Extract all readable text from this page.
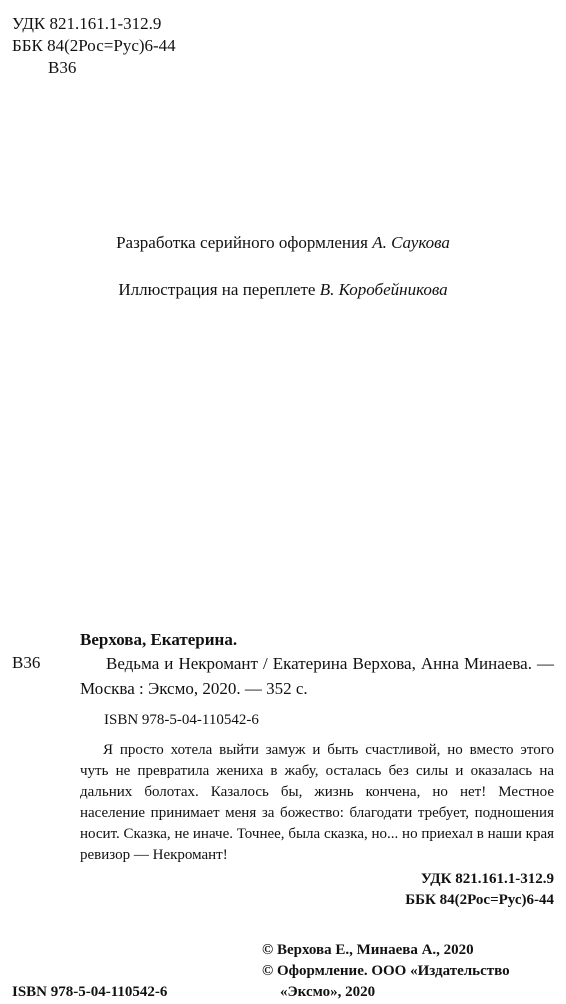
УДК 821.161.1-312.9
ББК 84(2Рос=Рус)6-44
В36
Разработка серийного оформления А. Саукова
Иллюстрация на переплете В. Коробейникова
Верхова, Екатерина.
В36	Ведьма и Некромант / Екатерина Верхова, Анна Минаева. — Москва : Эксмо, 2020. — 352 с.
ISBN 978-5-04-110542-6
Я просто хотела выйти замуж и быть счастливой, но вместо этого чуть не превратила жениха в жабу, осталась без силы и оказалась на дальних болотах. Казалось бы, жизнь кончена, но нет! Местное население принимает меня за божество: благодати требует, подношения носит. Сказка, не иначе. Точнее, была сказка, но... но приехал в наши края ревизор — Некромант!
УДК 821.161.1-312.9
ББК 84(2Рос=Рус)6-44
ISBN 978-5-04-110542-6
© Верхова Е., Минаева А., 2020
© Оформление. ООО «Издательство
«Эксмо», 2020
